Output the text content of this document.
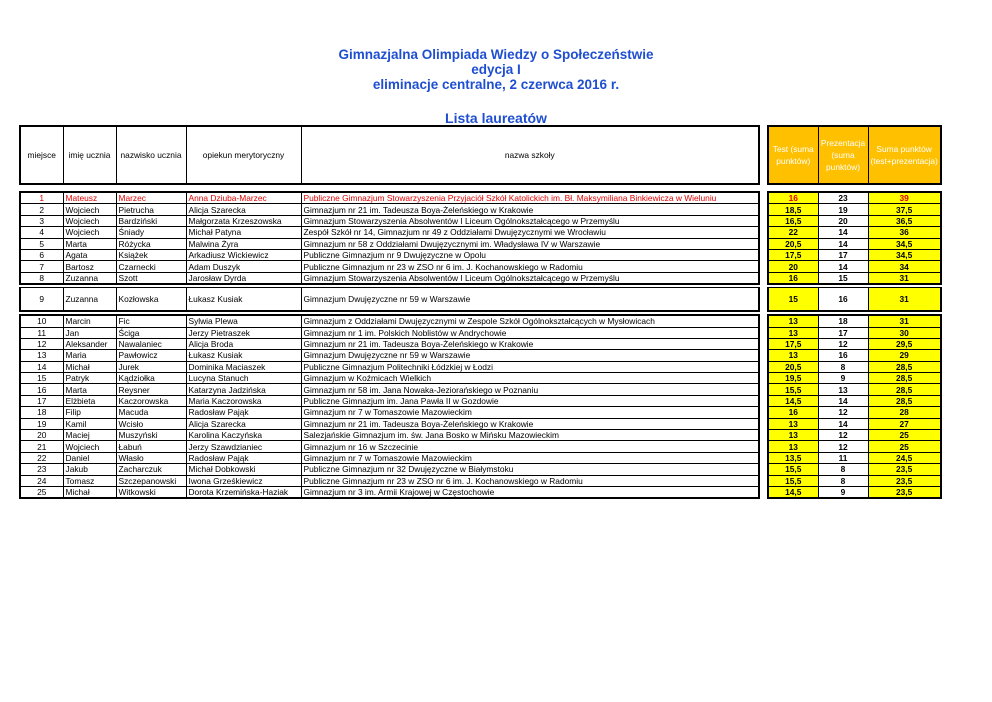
Gimnazjalna Olimpiada Wiedzy o Społeczeństwie
edycja I
eliminacje centralne, 2 czerwca 2016 r.
Lista laureatów
miejsce	imię ucznia	nazwisko ucznia	opiekun merytoryczny	nazwa szkoły		Test (suma punktów)	Prezentacja (suma punktów)	Suma punktów (test+prezentacja)

1	Mateusz	Marzec	Anna Dziuba-Marzec	Publiczne Gimnazjum Stowarzyszenia Przyjaciół Szkół Katolickich im. Bł. Maksymiliana Binkiewicza w Wieluniu		16	23	39
2	Wojciech	Pietrucha	Alicja Szarecka	Gimnazjum nr 21 im. Tadeusza Boya-Żeleńskiego w Krakowie		18,5	19	37,5
3	Wojciech	Bardziński	Małgorzata Krzeszowska	Gimnazjum Stowarzyszenia Absolwentów I Liceum Ogólnokształcącego w Przemyślu		16,5	20	36,5
4	Wojciech	Śniady	Michał Patyna	Zespół Szkół nr 14, Gimnazjum nr 49 z Oddziałami Dwujęzycznymi we Wrocławiu		22	14	36
5	Marta	Różycka	Malwina Żyra	Gimnazjum nr 58 z Oddziałami Dwujęzycznymi im. Władysława IV w Warszawie		20,5	14	34,5
6	Agata	Książek	Arkadiusz Wickiewicz	Publiczne Gimnazjum nr 9 Dwujęzyczne w Opolu		17,5	17	34,5
7	Bartosz	Czarnecki	Adam Duszyk	Publiczne Gimnazjum nr 23 w ZSO nr 6 im. J. Kochanowskiego w Radomiu		20	14	34
8	Zuzanna	Szott	Jarosław Dyrda	Gimnazjum Stowarzyszenia Absolwentów I Liceum Ogólnokształcącego w Przemyślu		16	15	31

9	Zuzanna	Kozłowska	Łukasz Kusiak	Gimnazjum Dwujęzyczne nr 59 w Warszawie		15	16	31

10	Marcin	Fic	Sylwia Plewa	Gimnazjum z Oddziałami Dwujęzycznymi w Zespole Szkół Ogólnokształcących w Mysłowicach		13	18	31
11	Jan	Ściga	Jerzy Pietraszek	Gimnazjum nr 1 im. Polskich Noblistów w Andrychowie		13	17	30
12	Aleksander	Nawalaniec	Alicja Broda	Gimnazjum nr 21 im. Tadeusza Boya-Żeleńskiego w Krakowie		17,5	12	29,5
13	Maria	Pawłowicz	Łukasz Kusiak	Gimnazjum Dwujęzyczne nr 59 w Warszawie		13	16	29
14	Michał	Jurek	Dominika Maciaszek	Publiczne Gimnazjum Politechniki Łódzkiej w Łodzi		20,5	8	28,5
15	Patryk	Kądziołka	Lucyna Stanuch	Gimnazjum w Koźmicach Wielkich		19,5	9	28,5
16	Marta	Reysner	Katarzyna Jadzińska	Gimnazjum nr 58 im. Jana Nowaka-Jeziorańskiego w Poznaniu		15,5	13	28,5
17	Elżbieta	Kaczorowska	Maria Kaczorowska	Publiczne Gimnazjum im. Jana Pawła II w Gozdowie		14,5	14	28,5
18	Filip	Macuda	Radosław Pająk	Gimnazjum nr 7 w Tomaszowie Mazowieckim		16	12	28
19	Kamil	Wcisło	Alicja Szarecka	Gimnazjum nr 21 im. Tadeusza Boya-Żeleńskiego w Krakowie		13	14	27
20	Maciej	Muszyński	Karolina Kaczyńska	Salezjańskie Gimnazjum im. św. Jana Bosko w Mińsku Mazowieckim		13	12	25
21	Wojciech	Łabuń	Jerzy Szawdzianiec	Gimnazjum nr 16 w Szczecinie		13	12	25
22	Daniel	Własło	Radosław Pająk	Gimnazjum nr 7 w Tomaszowie Mazowieckim		13,5	11	24,5
23	Jakub	Zacharczuk	Michał Dobkowski	Publiczne Gimnazjum nr 32 Dwujęzyczne w Białymstoku		15,5	8	23,5
24	Tomasz	Szczepanowski	Iwona Grześkiewicz	Publiczne Gimnazjum nr 23 w ZSO nr 6 im. J. Kochanowskiego w Radomiu		15,5	8	23,5
25	Michał	Witkowski	Dorota Krzemińska-Haziak	Gimnazjum nr 3 im. Armii Krajowej w Częstochowie		14,5	9	23,5
